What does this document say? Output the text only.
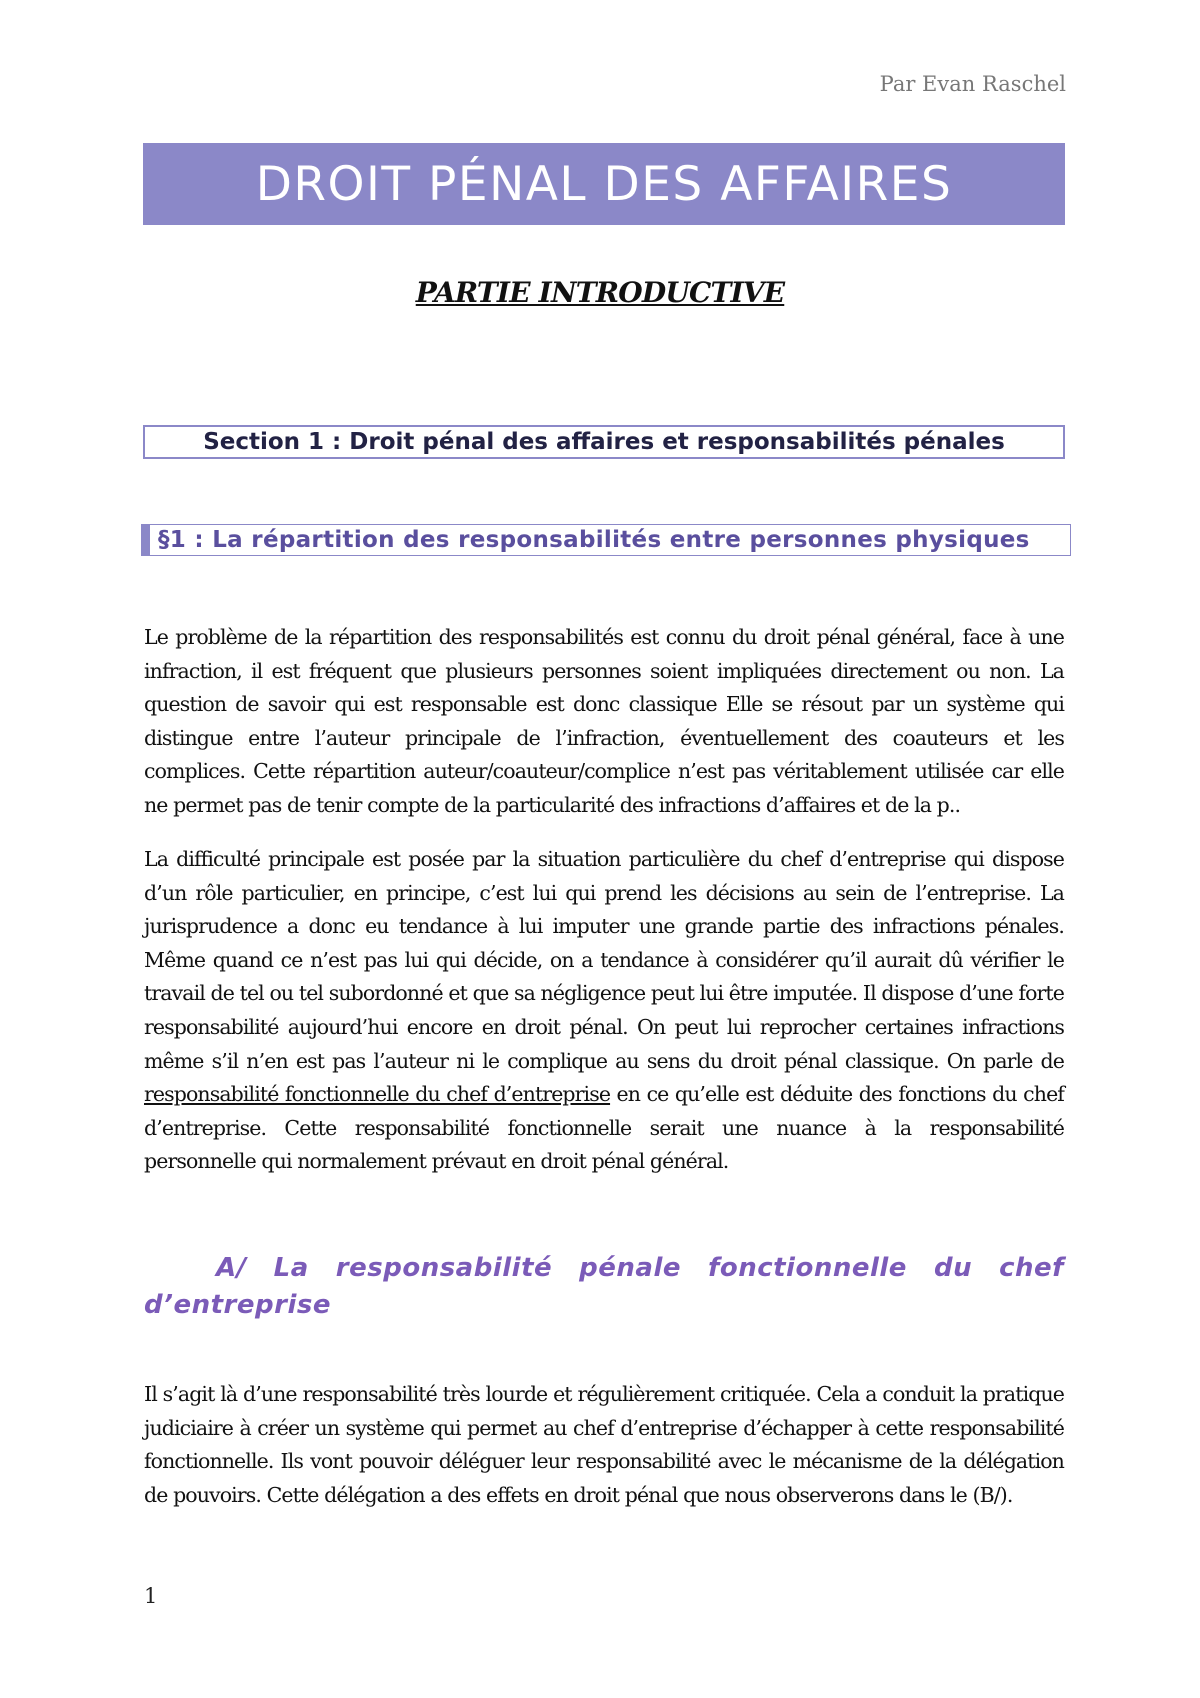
Par Evan Raschel
DROIT PÉNAL DES AFFAIRES
PARTIE INTRODUCTIVE
Section 1 : Droit pénal des affaires et responsabilités pénales
§1 : La répartition des responsabilités entre personnes physiques

Le problème de la répartition des responsabilités est connu du droit pénal général, face à une infraction, il est fréquent que plusieurs personnes soient impliquées directement ou non. La question de savoir qui est responsable est donc classique Elle se résout par un système qui distingue entre l’auteur principale de l’infraction, éventuellement des coauteurs et les complices. Cette répartition auteur/coauteur/complice n’est pas véritablement utilisée car elle ne permet pas de tenir compte de la particularité des infractions d’affaires et de la p..

La difficulté principale est posée par la situation particulière du chef d’entreprise qui dispose d’un rôle particulier, en principe, c’est lui qui prend les décisions au sein de l’entreprise. La jurisprudence a donc eu tendance à lui imputer une grande partie des infractions pénales. Même quand ce n’est pas lui qui décide, on a tendance à considérer qu’il aurait dû vérifier le travail de tel ou tel subordonné et que sa négligence peut lui être imputée. Il dispose d’une forte responsabilité aujourd’hui encore en droit pénal. On peut lui reprocher certaines infractions même s’il n’en est pas l’auteur ni le complique au sens du droit pénal classique. On parle de responsabilité fonctionnelle du chef d’entreprise en ce qu’elle est déduite des fonctions du chef d’entreprise. Cette responsabilité fonctionnelle serait une nuance à la responsabilité personnelle qui normalement prévaut en droit pénal général.

A/ La responsabilité pénale fonctionnelle du chef
d’entreprise

Il s’agit là d’une responsabilité très lourde et régulièrement critiquée. Cela a conduit la pratique judiciaire à créer un système qui permet au chef d’entreprise d’échapper à cette responsabilité fonctionnelle. Ils vont pouvoir déléguer leur responsabilité avec le mécanisme de la délégation de pouvoirs. Cette délégation a des effets en droit pénal que nous observerons dans le (B/).

1
